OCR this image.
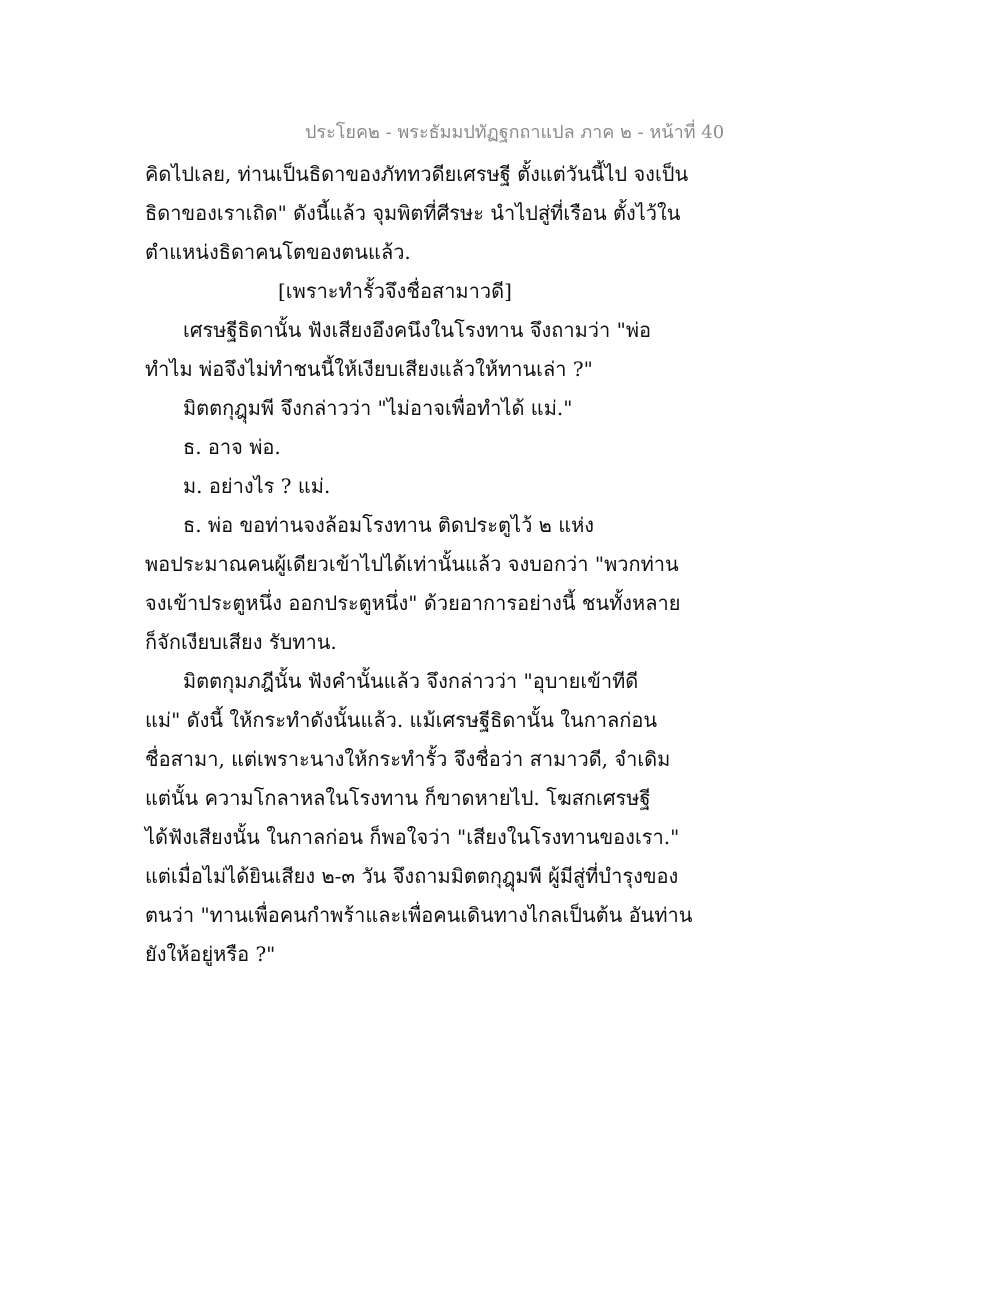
ประโยค๒ - พระธัมมปทัฏฐกถาแปล ภาค ๒ - หน้าที่ 40
คิดไปเลย, ท่านเป็นธิดาของภัททวดียเศรษฐี ตั้งแต่วันนี้ไป จงเป็น
ธิดาของเราเถิด" ดังนี้แล้ว จุมพิตที่ศีรษะ นำไปสู่ที่เรือน ตั้งไว้ใน
ตำแหน่งธิดาคนโตของตนแล้ว.
[เพราะทำรั้วจึงชื่อสามาวดี]
เศรษฐีธิดานั้น ฟังเสียงอึงคนึงในโรงทาน จึงถามว่า "พ่อ
ทำไม พ่อจึงไม่ทำชนนี้ให้เงียบเสียงแล้วให้ทานเล่า ?"
มิตตกุฎุมพี จึงกล่าวว่า "ไม่อาจเพื่อทำได้ แม่."
ธ. อาจ พ่อ.
ม. อย่างไร ? แม่.
ธ. พ่อ ขอท่านจงล้อมโรงทาน ติดประตูไว้ ๒ แห่ง
พอประมาณคนผู้เดียวเข้าไปได้เท่านั้นแล้ว จงบอกว่า "พวกท่าน
จงเข้าประตูหนึ่ง ออกประตูหนึ่ง" ด้วยอาการอย่างนี้ ชนทั้งหลาย
ก็จักเงียบเสียง รับทาน.
มิตตกุมภฎีนั้น ฟังคำนั้นแล้ว จึงกล่าวว่า "อุบายเข้าทีดี
แม่" ดังนี้ ให้กระทำดังนั้นแล้ว. แม้เศรษฐีธิดานั้น ในกาลก่อน
ชื่อสามา, แต่เพราะนางให้กระทำรั้ว จึงชื่อว่า สามาวดี, จำเดิม
แต่นั้น ความโกลาหลในโรงทาน ก็ขาดหายไป. โฆสกเศรษฐี
ได้ฟังเสียงนั้น ในกาลก่อน ก็พอใจว่า "เสียงในโรงทานของเรา."
แต่เมื่อไม่ได้ยินเสียง ๒-๓ วัน จึงถามมิตตกุฎุมพี ผู้มีสู่ที่บำรุงของ
ตนว่า "ทานเพื่อคนกำพร้าและเพื่อคนเดินทางไกลเป็นต้น อันท่าน
ยังให้อยู่หรือ ?"
